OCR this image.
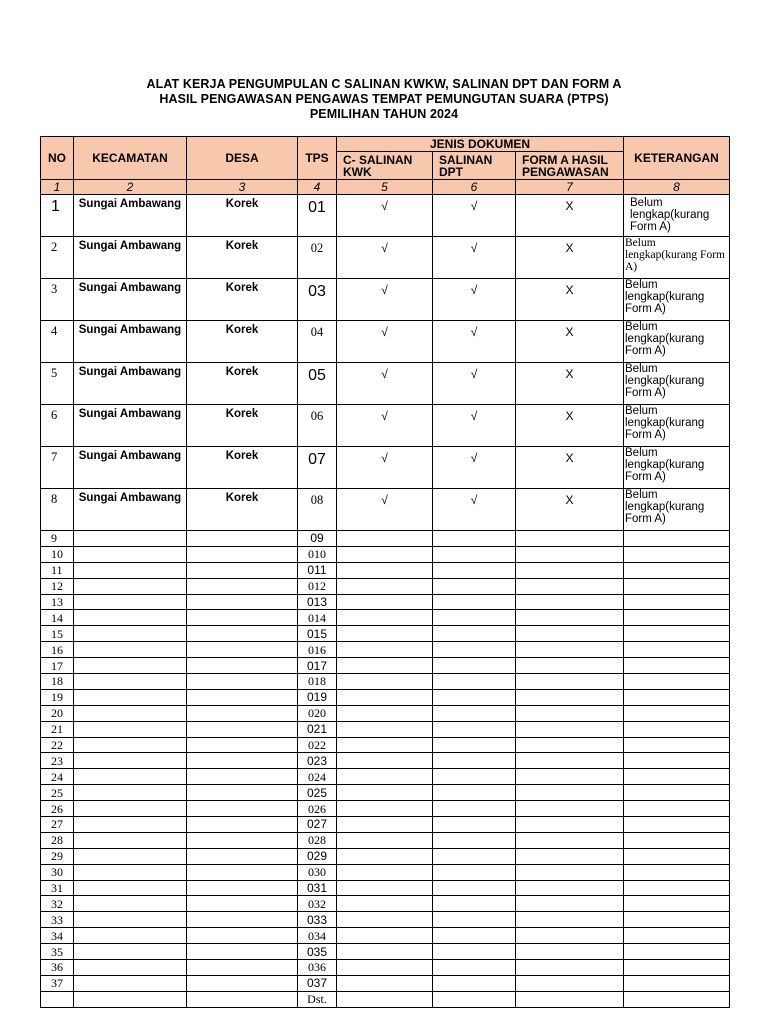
ALAT KERJA PENGUMPULAN C SALINAN KWKW, SALINAN DPT DAN FORM A
HASIL PENGAWASAN PENGAWAS TEMPAT PEMUNGUTAN SUARA (PTPS)
PEMILIHAN TAHUN 2024
NO	KECAMATAN	DESA	TPS	JENIS DOKUMEN			KETERANGAN
				C- SALINAN KWK	SALINAN DPT	FORM A HASIL PENGAWASAN	
1	2	3	4	5	6	7	8
1	Sungai Ambawang	Korek	01	√	√	X	Belum lengkap(kurang Form A)
2	Sungai Ambawang	Korek	02	√	√	X	Belum lengkap(kurang Form A)
3	Sungai Ambawang	Korek	03	√	√	X	Belum lengkap(kurang Form A)
4	Sungai Ambawang	Korek	04	√	√	X	Belum lengkap(kurang Form A)
5	Sungai Ambawang	Korek	05	√	√	X	Belum lengkap(kurang Form A)
6	Sungai Ambawang	Korek	06	√	√	X	Belum lengkap(kurang Form A)
7	Sungai Ambawang	Korek	07	√	√	X	Belum lengkap(kurang Form A)
8	Sungai Ambawang	Korek	08	√	√	X	Belum lengkap(kurang Form A)
9			09				
10			010				
11			011				
12			012				
13			013				
14			014				
15			015				
16			016				
17			017				
18			018				
19			019				
20			020				
21			021				
22			022				
23			023				
24			024				
25			025				
26			026				
27			027				
28			028				
29			029				
30			030				
31			031				
32			032				
33			033				
34			034				
35			035				
36			036				
37			037				
			Dst.				
